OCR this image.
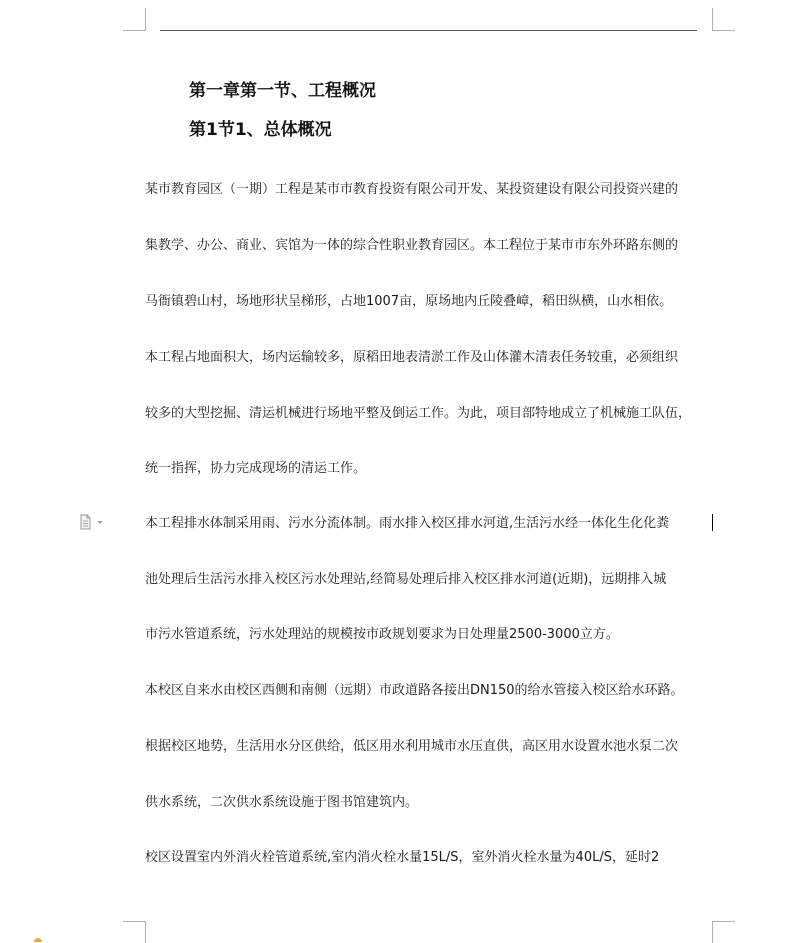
第一章第一节、工程概况
第1节1、总体概况
某市教育园区（一期）工程是某市市教育投资有限公司开发、某投资建设有限公司投资兴建的
集教学、办公、商业、宾馆为一体的综合性职业教育园区。本工程位于某市市东外环路东侧的
马衙镇碧山村，场地形状呈梯形，占地1007亩，原场地内丘陵叠嶂，稻田纵横，山水相依。
本工程占地面积大，场内运输较多，原稻田地表清淤工作及山体灌木清表任务较重，必须组织
较多的大型挖掘、清运机械进行场地平整及倒运工作。为此，项目部特地成立了机械施工队伍，
统一指挥，协力完成现场的清运工作。
本工程排水体制采用雨、污水分流体制。雨水排入校区排水河道,生活污水经一体化生化化粪
池处理后生活污水排入校区污水处理站,经简易处理后排入校区排水河道(近期)，远期排入城
市污水管道系统，污水处理站的规模按市政规划要求为日处理量2500-3000立方。
本校区自来水由校区西侧和南侧（远期）市政道路各接出DN150的给水管接入校区给水环路。
根据校区地势，生活用水分区供给，低区用水利用城市水压直供，高区用水设置水池水泵二次
供水系统，二次供水系统设施于图书馆建筑内。
校区设置室内外消火栓管道系统,室内消火栓水量15L/S，室外消火栓水量为40L/S，延时2
